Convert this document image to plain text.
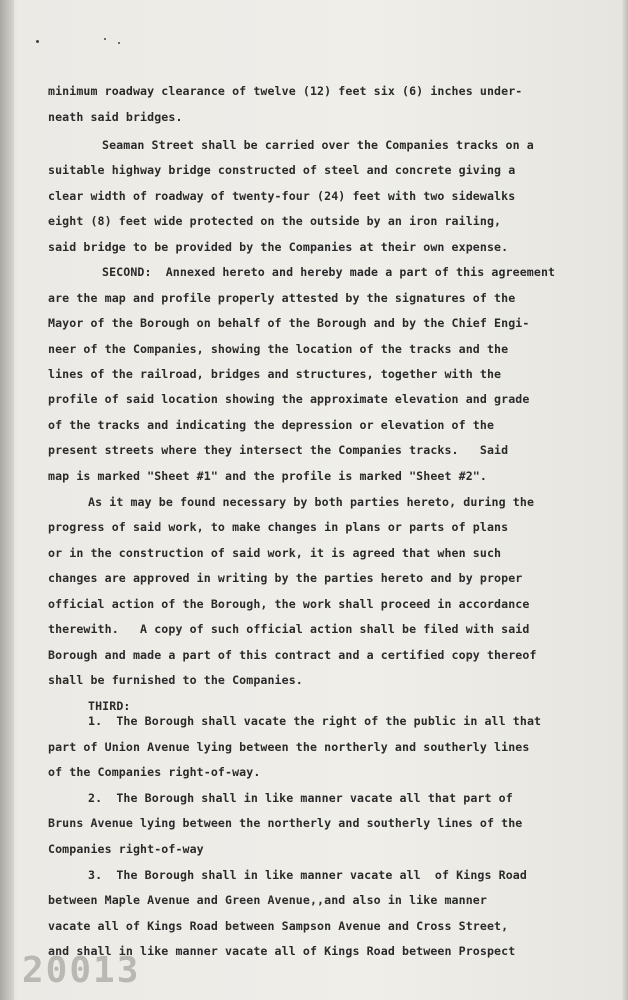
minimum roadway clearance of twelve (12) feet six (6) inches under-
neath said bridges.
Seaman Street shall be carried over the Companies tracks on a
suitable highway bridge constructed of steel and concrete giving a
clear width of roadway of twenty-four (24) feet with two sidewalks
eight (8) feet wide protected on the outside by an iron railing,
said bridge to be provided by the Companies at their own expense.
SECOND:  Annexed hereto and hereby made a part of this agreement
are the map and profile properly attested by the signatures of the
Mayor of the Borough on behalf of the Borough and by the Chief Engi-
neer of the Companies, showing the location of the tracks and the
lines of the railroad, bridges and structures, together with the
profile of said location showing the approximate elevation and grade
of the tracks and indicating the depression or elevation of the
present streets where they intersect the Companies tracks.   Said
map is marked "Sheet #1" and the profile is marked "Sheet #2".
As it may be found necessary by both parties hereto, during the
progress of said work, to make changes in plans or parts of plans
or in the construction of said work, it is agreed that when such
changes are approved in writing by the parties hereto and by proper
official action of the Borough, the work shall proceed in accordance
therewith.   A copy of such official action shall be filed with said
Borough and made a part of this contract and a certified copy thereof
shall be furnished to the Companies.
THIRD:
1.  The Borough shall vacate the right of the public in all that
part of Union Avenue lying between the northerly and southerly lines
of the Companies right-of-way.
2.  The Borough shall in like manner vacate all that part of
Bruns Avenue lying between the northerly and southerly lines of the
Companies right-of-way
3.  The Borough shall in like manner vacate all  of Kings Road
between Maple Avenue and Green Avenue,,and also in like manner
vacate all of Kings Road between Sampson Avenue and Cross Street,
and shall in like manner vacate all of Kings Road between Prospect
20013
